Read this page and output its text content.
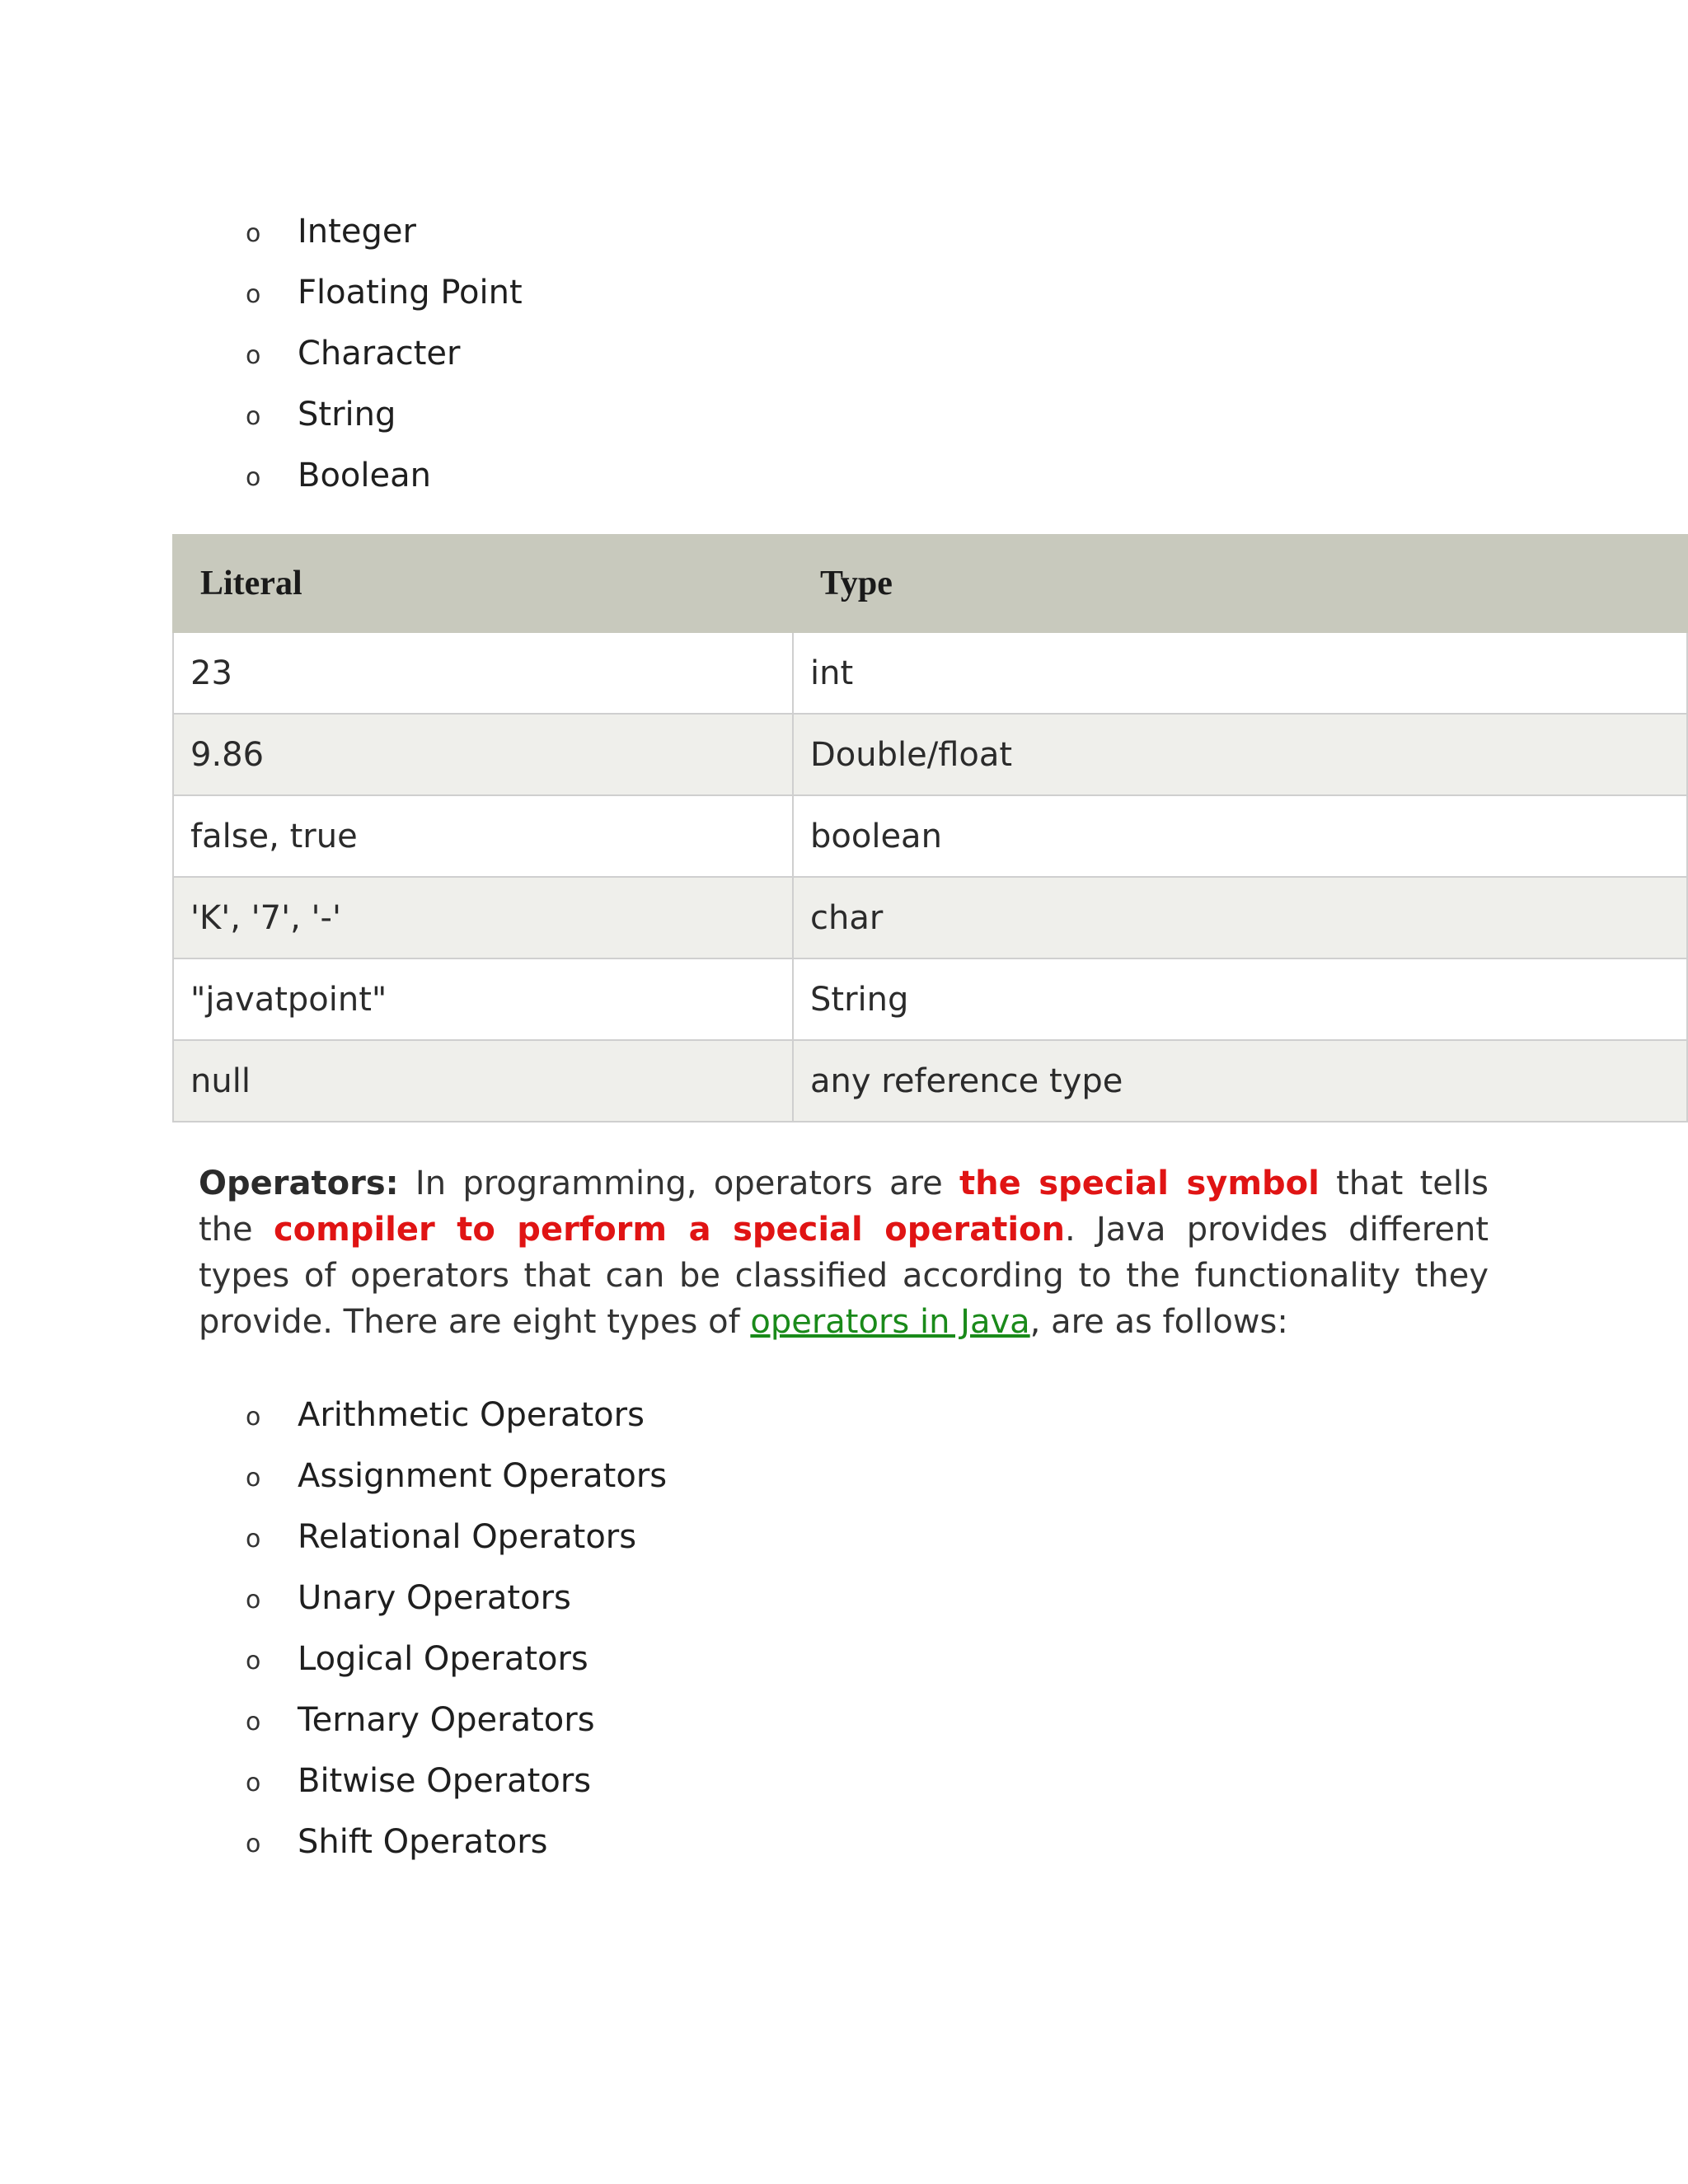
o Integer
o Floating Point
o Character
o String
o Boolean
Literal	Type
23	int
9.86	Double/float
false, true	boolean
'K', '7', '-'	char
"javatpoint"	String
null	any reference type

Operators: In programming, operators are the special symbol that tells the compiler to perform a special operation. Java provides different types of operators that can be classified according to the functionality they provide. There are eight types of operators in Java, are as follows:

o Arithmetic Operators
o Assignment Operators
o Relational Operators
o Unary Operators
o Logical Operators
o Ternary Operators
o Bitwise Operators
o Shift Operators
